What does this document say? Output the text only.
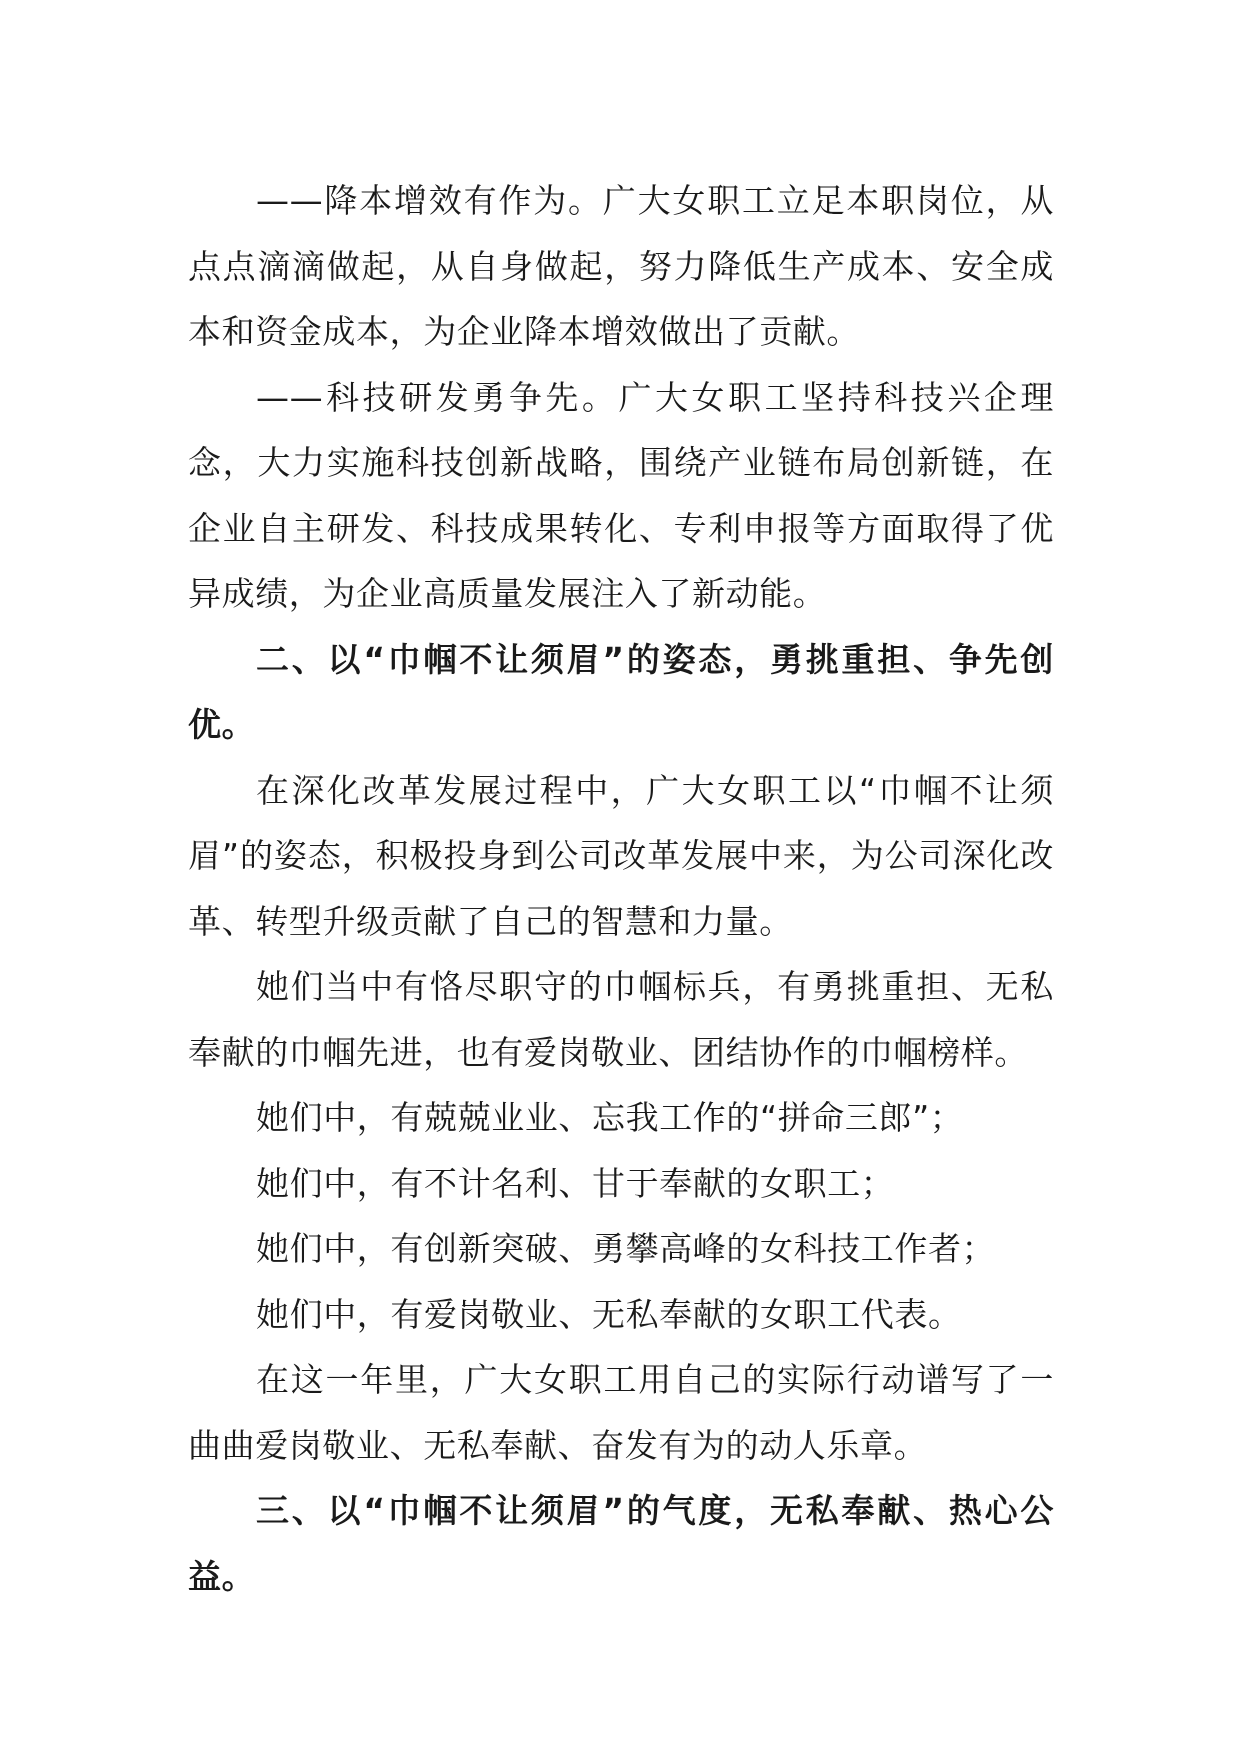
——降本增效有作为。广大女职工立足本职岗位，从点点滴滴做起，从自身做起，努力降低生产成本、安全成本和资金成本，为企业降本增效做出了贡献。

——科技研发勇争先。广大女职工坚持科技兴企理念，大力实施科技创新战略，围绕产业链布局创新链，在企业自主研发、科技成果转化、专利申报等方面取得了优异成绩，为企业高质量发展注入了新动能。

二、以“巾帼不让须眉”的姿态，勇挑重担、争先创优。

在深化改革发展过程中，广大女职工以“巾帼不让须眉”的姿态，积极投身到公司改革发展中来，为公司深化改革、转型升级贡献了自己的智慧和力量。

她们当中有恪尽职守的巾帼标兵，有勇挑重担、无私奉献的巾帼先进，也有爱岗敬业、团结协作的巾帼榜样。

她们中，有兢兢业业、忘我工作的“拼命三郎”；

她们中，有不计名利、甘于奉献的女职工；

她们中，有创新突破、勇攀高峰的女科技工作者；

她们中，有爱岗敬业、无私奉献的女职工代表。

在这一年里，广大女职工用自己的实际行动谱写了一曲曲爱岗敬业、无私奉献、奋发有为的动人乐章。

三、以“巾帼不让须眉”的气度，无私奉献、热心公益。
